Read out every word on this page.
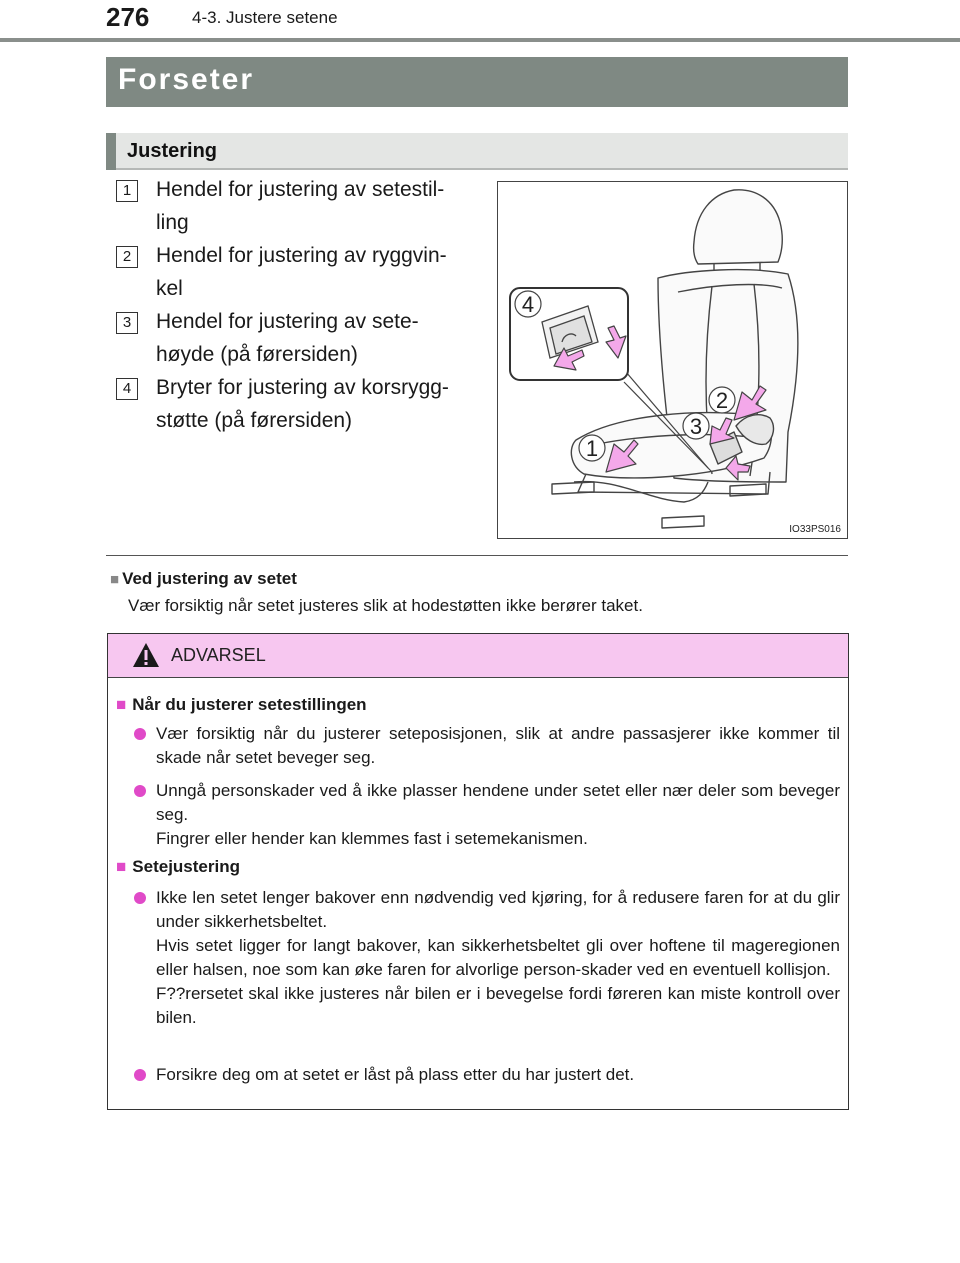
276	4-3. Justere setene
Forseter
Justering
1	Hendel for justering av setestil-
ling
2	Hendel for justering av ryggvin-
kel
3	Hendel for justering av sete-
høyde (på førersiden)
4	Bryter for justering av korsrygg-
støtte (på førersiden)
4
2
3
1
IO33PS016
■ Ved justering av setet
Vær forsiktig når setet justeres slik at hodestøtten ikke berører taket.
ADVARSEL
■ Når du justerer setestillingen
Vær forsiktig når du justerer seteposisjonen, slik at andre passasjerer ikke kommer til skade når setet beveger seg.
Unngå personskader ved å ikke plasser hendene under setet eller nær deler som beveger seg.
Fingrer eller hender kan klemmes fast i setemekanismen.
■ Setejustering
Ikke len setet lenger bakover enn nødvendig ved kjøring, for å redusere faren for at du glir under sikkerhetsbeltet.
Hvis setet ligger for langt bakover, kan sikkerhetsbeltet gli over hoftene til mageregionen eller halsen, noe som kan øke faren for alvorlige person-skader ved en eventuell kollisjon.
F??rersetet skal ikke justeres når bilen er i bevegelse fordi føreren kan miste kontroll over bilen.
Forsikre deg om at setet er låst på plass etter du har justert det.
